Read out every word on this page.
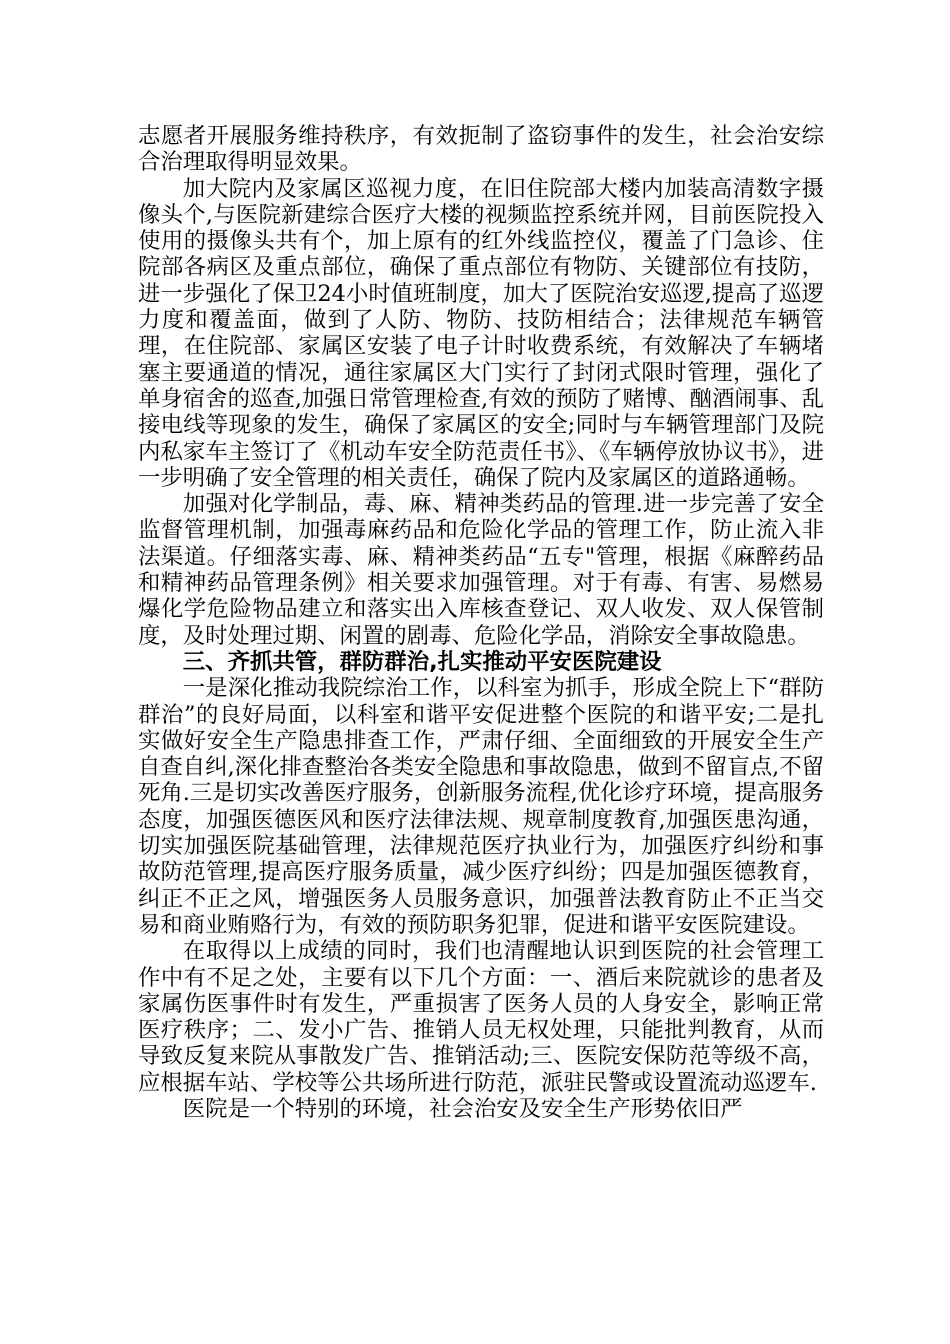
志愿者开展服务维持秩序，有效扼制了盗窃事件的发生，社会治安综合治理取得明显效果。

加大院内及家属区巡视力度，在旧住院部大楼内加装高清数字摄像头个,与医院新建综合医疗大楼的视频监控系统并网，目前医院投入使用的摄像头共有个，加上原有的红外线监控仪，覆盖了门急诊、住院部各病区及重点部位，确保了重点部位有物防、关键部位有技防，进一步强化了保卫24小时值班制度，加大了医院治安巡逻,提高了巡逻力度和覆盖面，做到了人防、物防、技防相结合；法律规范车辆管理，在住院部、家属区安装了电子计时收费系统，有效解决了车辆堵塞主要通道的情况，通往家属区大门实行了封闭式限时管理，强化了单身宿舍的巡查,加强日常管理检查,有效的预防了赌博、酗酒闹事、乱接电线等现象的发生，确保了家属区的安全;同时与车辆管理部门及院内私家车主签订了《机动车安全防范责任书》、《车辆停放协议书》，进一步明确了安全管理的相关责任，确保了院内及家属区的道路通畅。

加强对化学制品，毒、麻、精神类药品的管理.进一步完善了安全监督管理机制，加强毒麻药品和危险化学品的管理工作，防止流入非法渠道。仔细落实毒、麻、精神类药品“五专"管理，根据《麻醉药品和精神药品管理条例》相关要求加强管理。对于有毒、有害、易燃易爆化学危险物品建立和落实出入库核查登记、双人收发、双人保管制度，及时处理过期、闲置的剧毒、危险化学品，消除安全事故隐患。

三、齐抓共管，群防群治,扎实推动平安医院建设

一是深化推动我院综治工作，以科室为抓手，形成全院上下“群防群治”的良好局面，以科室和谐平安促进整个医院的和谐平安;二是扎实做好安全生产隐患排查工作，严肃仔细、全面细致的开展安全生产自查自纠,深化排查整治各类安全隐患和事故隐患，做到不留盲点,不留死角.三是切实改善医疗服务，创新服务流程,优化诊疗环境，提高服务态度，加强医德医风和医疗法律法规、规章制度教育,加强医患沟通，切实加强医院基础管理，法律规范医疗执业行为，加强医疗纠纷和事故防范管理,提高医疗服务质量，减少医疗纠纷；四是加强医德教育，纠正不正之风，增强医务人员服务意识，加强普法教育防止不正当交易和商业贿赂行为，有效的预防职务犯罪，促进和谐平安医院建设。

在取得以上成绩的同时，我们也清醒地认识到医院的社会管理工作中有不足之处，主要有以下几个方面：一、酒后来院就诊的患者及家属伤医事件时有发生，严重损害了医务人员的人身安全，影响正常医疗秩序；二、发小广告、推销人员无权处理，只能批判教育，从而导致反复来院从事散发广告、推销活动;三、医院安保防范等级不高，应根据车站、学校等公共场所进行防范，派驻民警或设置流动巡逻车.

医院是一个特别的环境，社会治安及安全生产形势依旧严
